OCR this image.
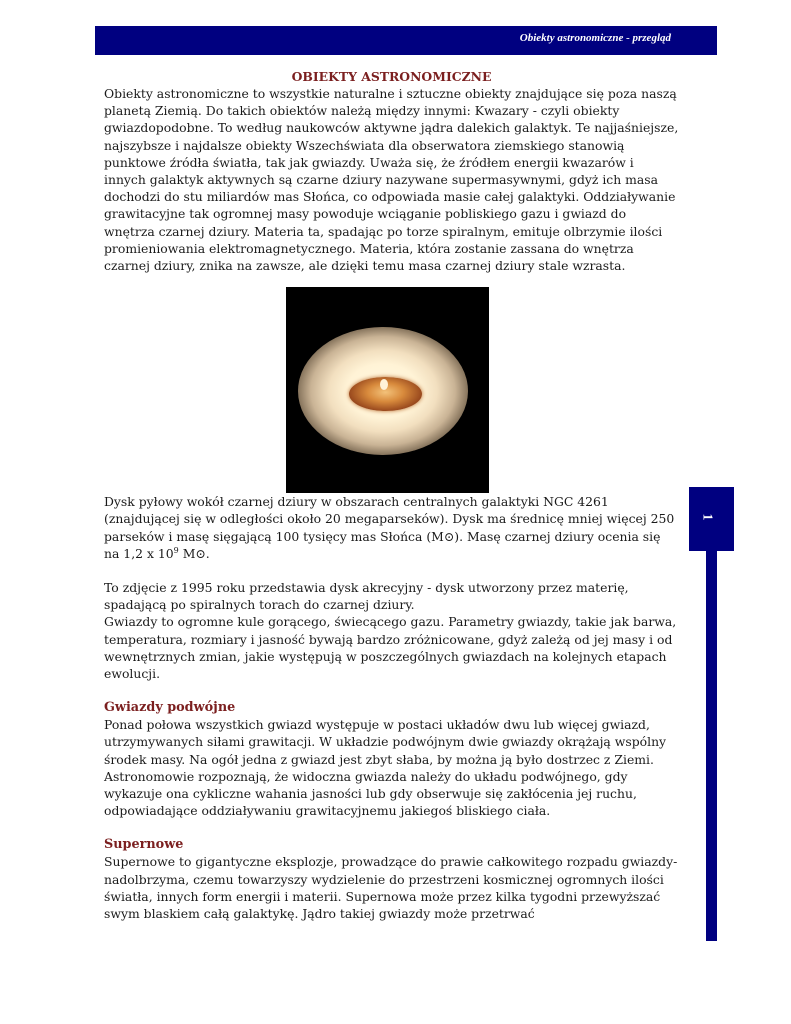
Obiekty astronomiczne - przegląd

OBIEKTY ASTRONOMICZNE

Obiekty astronomiczne to wszystkie naturalne i sztuczne obiekty znajdujące się poza naszą planetą Ziemią. Do takich obiektów należą między innymi: Kwazary - czyli obiekty gwiazdopodobne. To według naukowców aktywne jądra dalekich galaktyk. Te najjaśniejsze, najszybsze i najdalsze obiekty Wszechświata dla obserwatora ziemskiego stanowią punktowe źródła światła, tak jak gwiazdy. Uważa się, że źródłem energii kwazarów i innych galaktyk aktywnych są czarne dziury nazywane supermasywnymi, gdyż ich masa dochodzi do stu miliardów mas Słońca, co odpowiada masie całej galaktyki. Oddziaływanie grawitacyjne tak ogromnej masy powoduje wciąganie pobliskiego gazu i gwiazd do wnętrza czarnej dziury. Materia ta, spadając po torze spiralnym, emituje olbrzymie ilości promieniowania elektromagnetycznego. Materia, która zostanie zassana do wnętrza czarnej dziury, znika na zawsze, ale dzięki temu masa czarnej dziury stale wzrasta.

Dysk pyłowy wokół czarnej dziury w obszarach centralnych galaktyki NGC 4261 (znajdującej się w odległości około 20 megaparseków). Dysk ma średnicę mniej więcej 250 parseków i masę sięgającą 100 tysięcy mas Słońca (M⊙). Masę czarnej dziury ocenia się na 1,2 x $10^9$ M⊙.

To zdjęcie z 1995 roku przedstawia dysk akrecyjny - dysk utworzony przez materię, spadającą po spiralnych torach do czarnej dziury.

Gwiazdy to ogromne kule gorącego, świecącego gazu. Parametry gwiazdy, takie jak barwa, temperatura, rozmiary i jasność bywają bardzo zróżnicowane, gdyż zależą od jej masy i od wewnętrznych zmian, jakie występują w poszczególnych gwiazdach na kolejnych etapach ewolucji.

Gwiazdy podwójne

Ponad połowa wszystkich gwiazd występuje w postaci układów dwu lub więcej gwiazd, utrzymywanych siłami grawitacji. W układzie podwójnym dwie gwiazdy okrążają wspólny środek masy. Na ogół jedna z gwiazd jest zbyt słaba, by można ją było dostrzec z Ziemi. Astronomowie rozpoznają, że widoczna gwiazda należy do układu podwójnego, gdy wykazuje ona cykliczne wahania jasności lub gdy obserwuje się zakłócenia jej ruchu, odpowiadające oddziaływaniu grawitacyjnemu jakiegoś bliskiego ciała.

Supernowe

Supernowe to gigantyczne eksplozje, prowadzące do prawie całkowitego rozpadu gwiazdy-nadolbrzyma, czemu towarzyszy wydzielenie do przestrzeni kosmicznej ogromnych ilości światła, innych form energii i materii. Supernowa może przez kilka tygodni przewyższać swym blaskiem całą galaktykę. Jądro takiej gwiazdy może przetrwać

1
